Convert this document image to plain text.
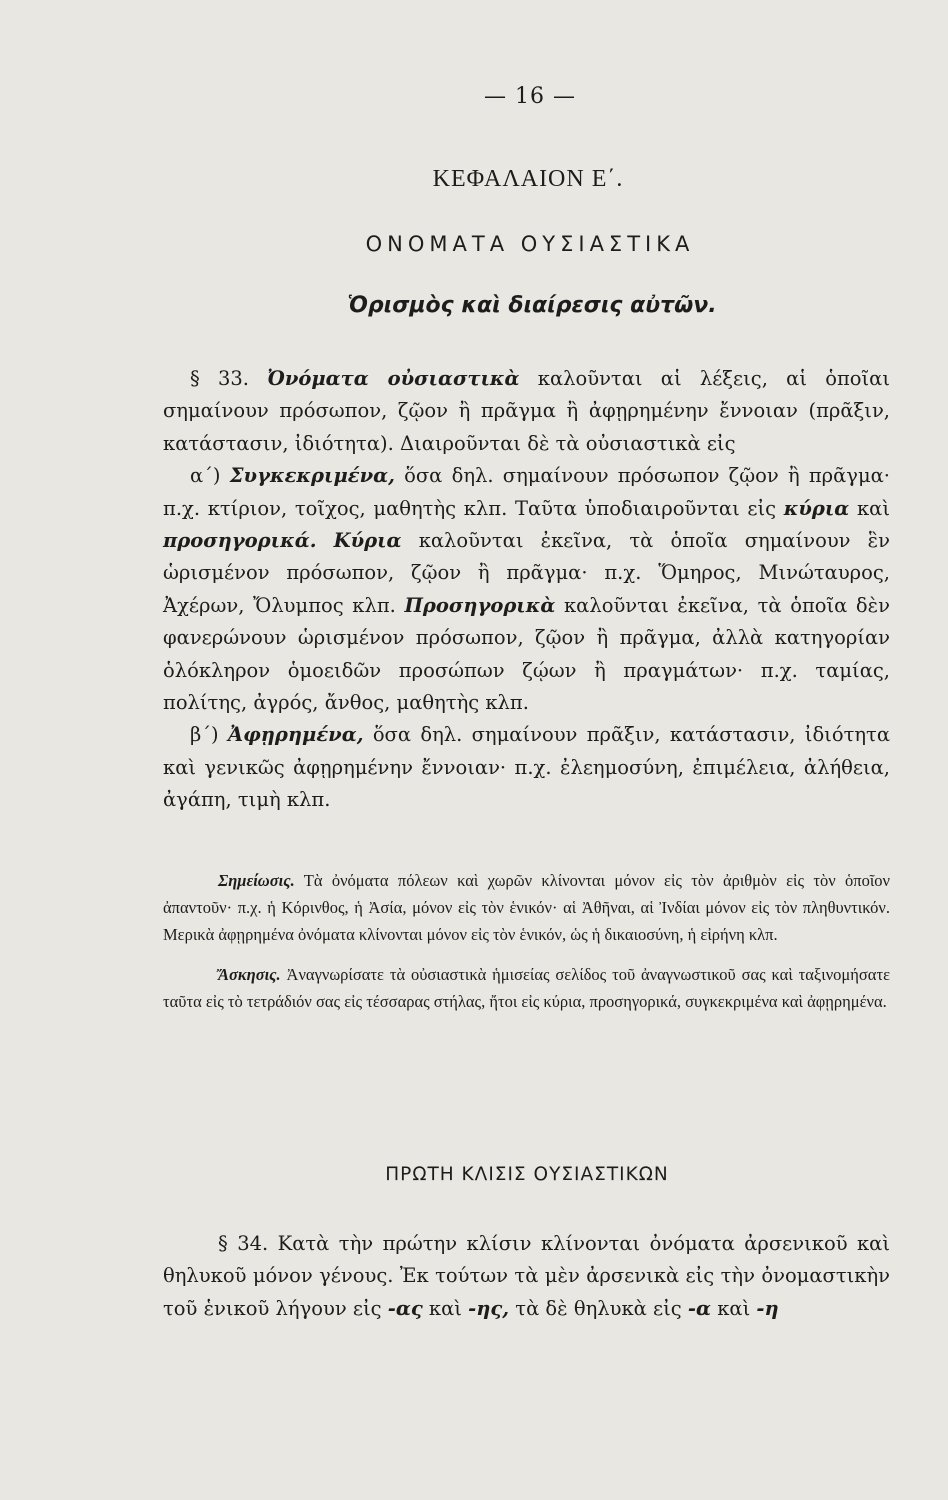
— 16 —
ΚΕΦΑΛΑΙΟΝ Ε΄.
ΟΝΟΜΑΤΑ ΟΥΣΙΑΣΤΙΚΑ
Ὁρισμὸς καὶ διαίρεσις αὐτῶν.

§ 33. Ὀνόματα οὐσιαστικὰ καλοῦνται αἱ λέξεις, αἱ ὁποῖαι σημαίνουν πρόσωπον, ζῷον ἢ πρᾶγμα ἢ ἀφῃρημένην ἔννοιαν (πρᾶξιν, κατάστασιν, ἰδιότητα). Διαιροῦνται δὲ τὰ οὐσιαστικὰ εἰς

α΄) Συγκεκριμένα, ὅσα δηλ. σημαίνουν πρόσωπον ζῷον ἢ πρᾶγμα· π.χ. κτίριον, τοῖχος, μαθητὴς κλπ. Ταῦτα ὑποδιαιροῦνται εἰς κύρια καὶ προσηγορικά. Κύρια καλοῦνται ἐκεῖνα, τὰ ὁποῖα σημαίνουν ἓν ὡρισμένον πρόσωπον, ζῷον ἢ πρᾶγμα· π.χ. Ὅμηρος, Μινώταυρος, Ἀχέρων, Ὄλυμπος κλπ. Προσηγορικὰ καλοῦνται ἐκεῖνα, τὰ ὁποῖα δὲν φανερώνουν ὡρισμένον πρόσωπον, ζῷον ἢ πρᾶγμα, ἀλλὰ κατηγορίαν ὁλόκληρον ὁμοειδῶν προσώπων ζῴων ἢ πραγμάτων· π.χ. ταμίας, πολίτης, ἀγρός, ἄνθος, μαθητὴς κλπ.

β΄) Ἀφῃρημένα, ὅσα δηλ. σημαίνουν πρᾶξιν, κατάστασιν, ἰδιότητα καὶ γενικῶς ἀφῃρημένην ἔννοιαν· π.χ. ἐλεημοσύνη, ἐπιμέλεια, ἀλήθεια, ἀγάπη, τιμὴ κλπ.

Σημείωσις. Τὰ ὀνόματα πόλεων καὶ χωρῶν κλίνονται μόνον εἰς τὸν ἀριθμὸν εἰς τὸν ὁποῖον ἀπαντοῦν· π.χ. ἡ Κόρινθος, ἡ Ἀσία, μόνον εἰς τὸν ἑνικόν· αἱ Ἀθῆναι, αἱ Ἰνδίαι μόνον εἰς τὸν πληθυντικόν. Μερικὰ ἀφῃρημένα ὀνόματα κλίνονται μόνον εἰς τὸν ἑνικόν, ὡς ἡ δικαιοσύνη, ἡ εἰρήνη κλπ.

Ἄσκησις. Ἀναγνωρίσατε τὰ οὐσιαστικὰ ἡμισείας σελίδος τοῦ ἀναγνωστικοῦ σας καὶ ταξινομήσατε ταῦτα εἰς τὸ τετράδιόν σας εἰς τέσσαρας στήλας, ἤτοι εἰς κύρια, προσηγορικά, συγκεκριμένα καὶ ἀφῃρημένα.

ΠΡΩΤΗ ΚΛΙΣΙΣ ΟΥΣΙΑΣΤΙΚΩΝ

§ 34. Κατὰ τὴν πρώτην κλίσιν κλίνονται ὀνόματα ἀρσενικοῦ καὶ θηλυκοῦ μόνον γένους. Ἐκ τούτων τὰ μὲν ἀρσενικὰ εἰς τὴν ὀνομαστικὴν τοῦ ἑνικοῦ λήγουν εἰς -ας καὶ -ης, τὰ δὲ θηλυκὰ εἰς -α καὶ -η
